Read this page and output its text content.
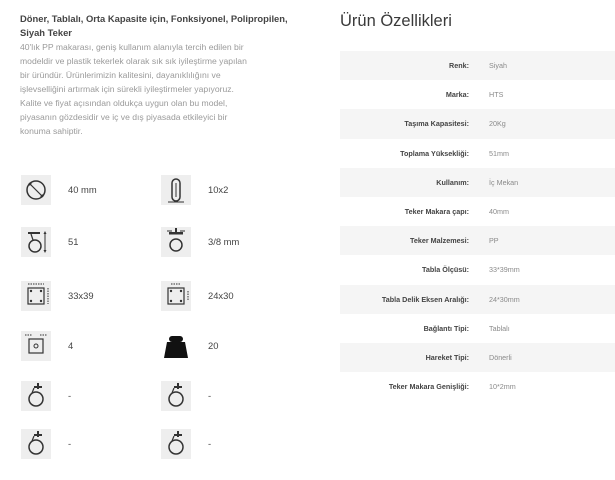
Döner, Tablalı, Orta Kapasite için, Fonksiyonel, Polipropilen,
Siyah Teker
40'lık PP makarası, geniş kullanım alanıyla tercih edilen bir
modeldir ve plastik tekerlek olarak sık sık iyileştirme yapılan
bir üründür. Ürünlerimizin kalitesini, dayanıklılığını ve
işlevselliğini artırmak için sürekli iyileştirmeler yapıyoruz.
Kalite ve fiyat açısından oldukça uygun olan bu model,
piyasanın gözdesidir ve iç ve dış piyasada etkileyici bir
konuma sahiptir.
40 mm	10x2
51	3/8 mm
33x39	24x30
4	20
-	-
-	-
Ürün Özellikleri
Renk:	Siyah
Marka:	HTS
Taşıma Kapasitesi:	20Kg
Toplama Yüksekliği:	51mm
Kullanım:	İç Mekan
Teker Makara çapı:	40mm
Teker Malzemesi:	PP
Tabla Ölçüsü:	33*39mm
Tabla Delik Eksen Aralığı:	24*30mm
Bağlantı Tipi:	Tablalı
Hareket Tipi:	Dönerli
Teker Makara Genişliği:	10*2mm
